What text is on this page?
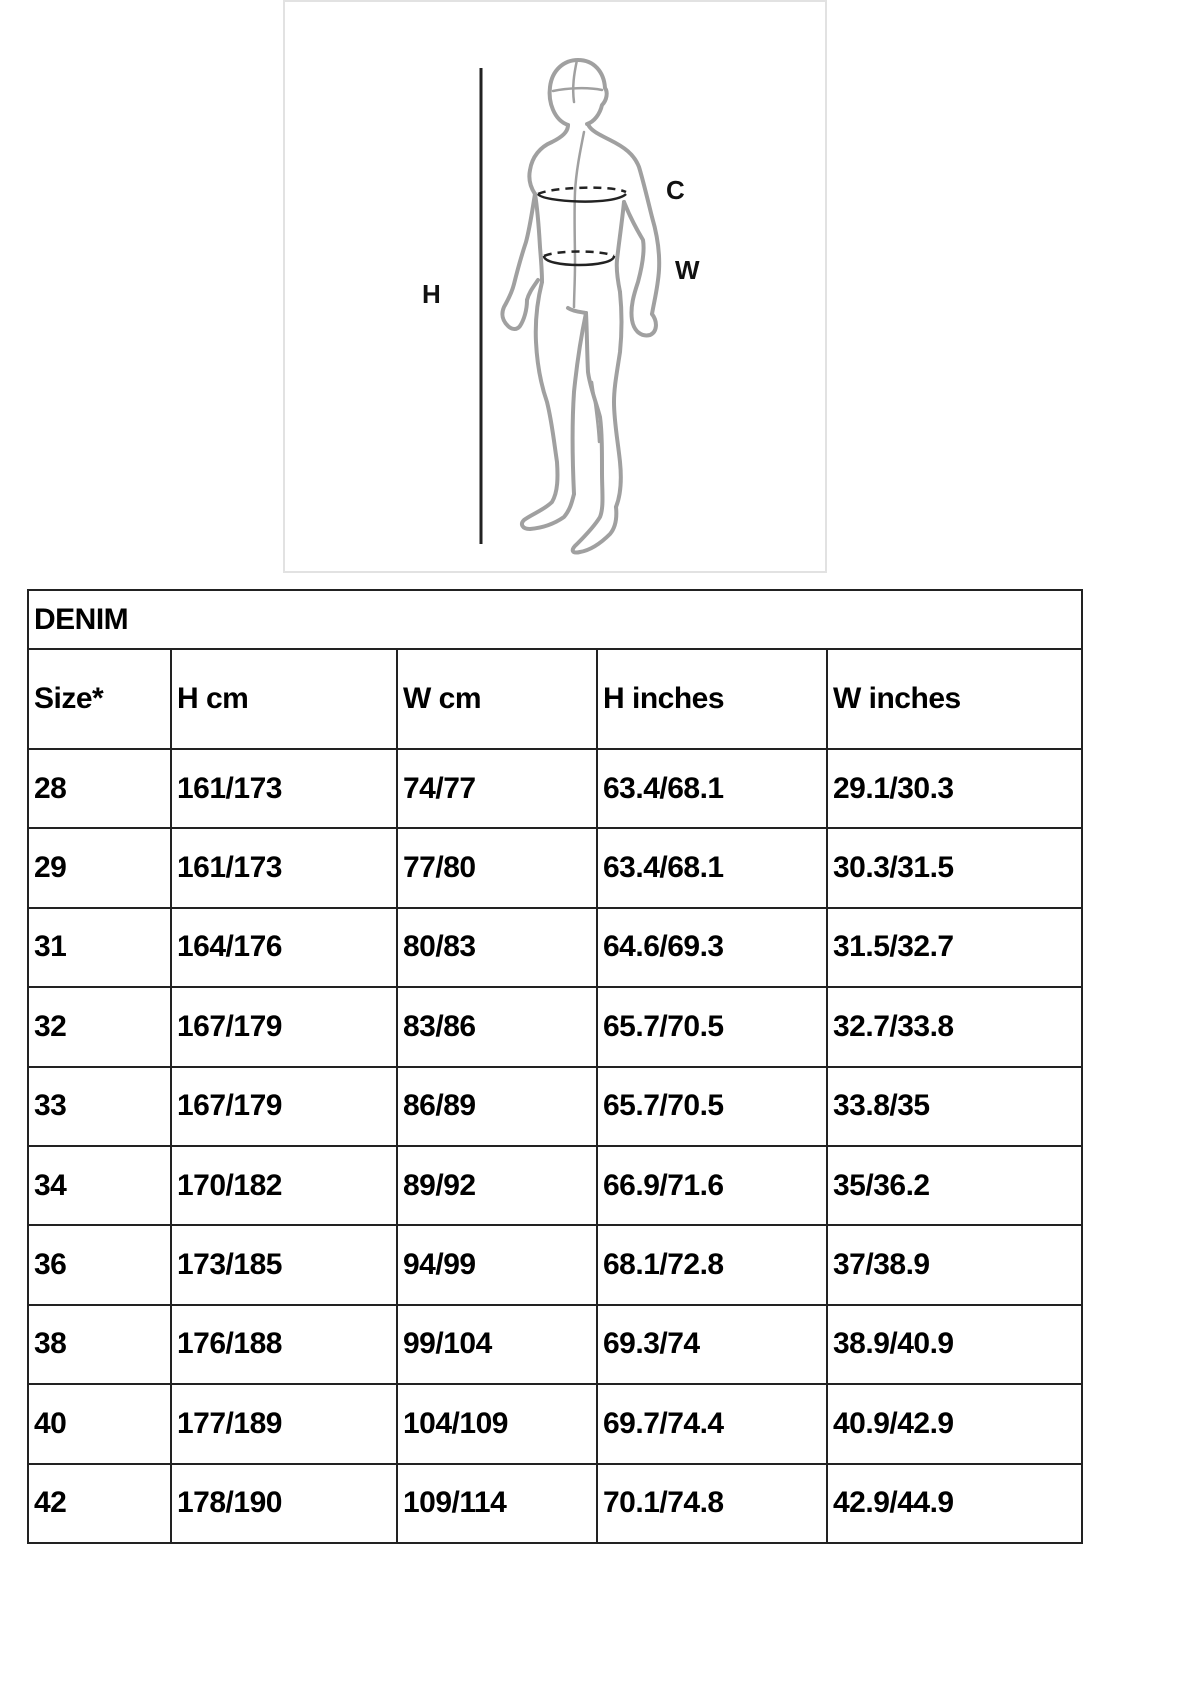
H
C
W
DENIM				
Size*	H cm	W cm	H inches	W inches
28	161/173	74/77	63.4/68.1	29.1/30.3
29	161/173	77/80	63.4/68.1	30.3/31.5
31	164/176	80/83	64.6/69.3	31.5/32.7
32	167/179	83/86	65.7/70.5	32.7/33.8
33	167/179	86/89	65.7/70.5	33.8/35
34	170/182	89/92	66.9/71.6	35/36.2
36	173/185	94/99	68.1/72.8	37/38.9
38	176/188	99/104	69.3/74	38.9/40.9
40	177/189	104/109	69.7/74.4	40.9/42.9
42	178/190	109/114	70.1/74.8	42.9/44.9
